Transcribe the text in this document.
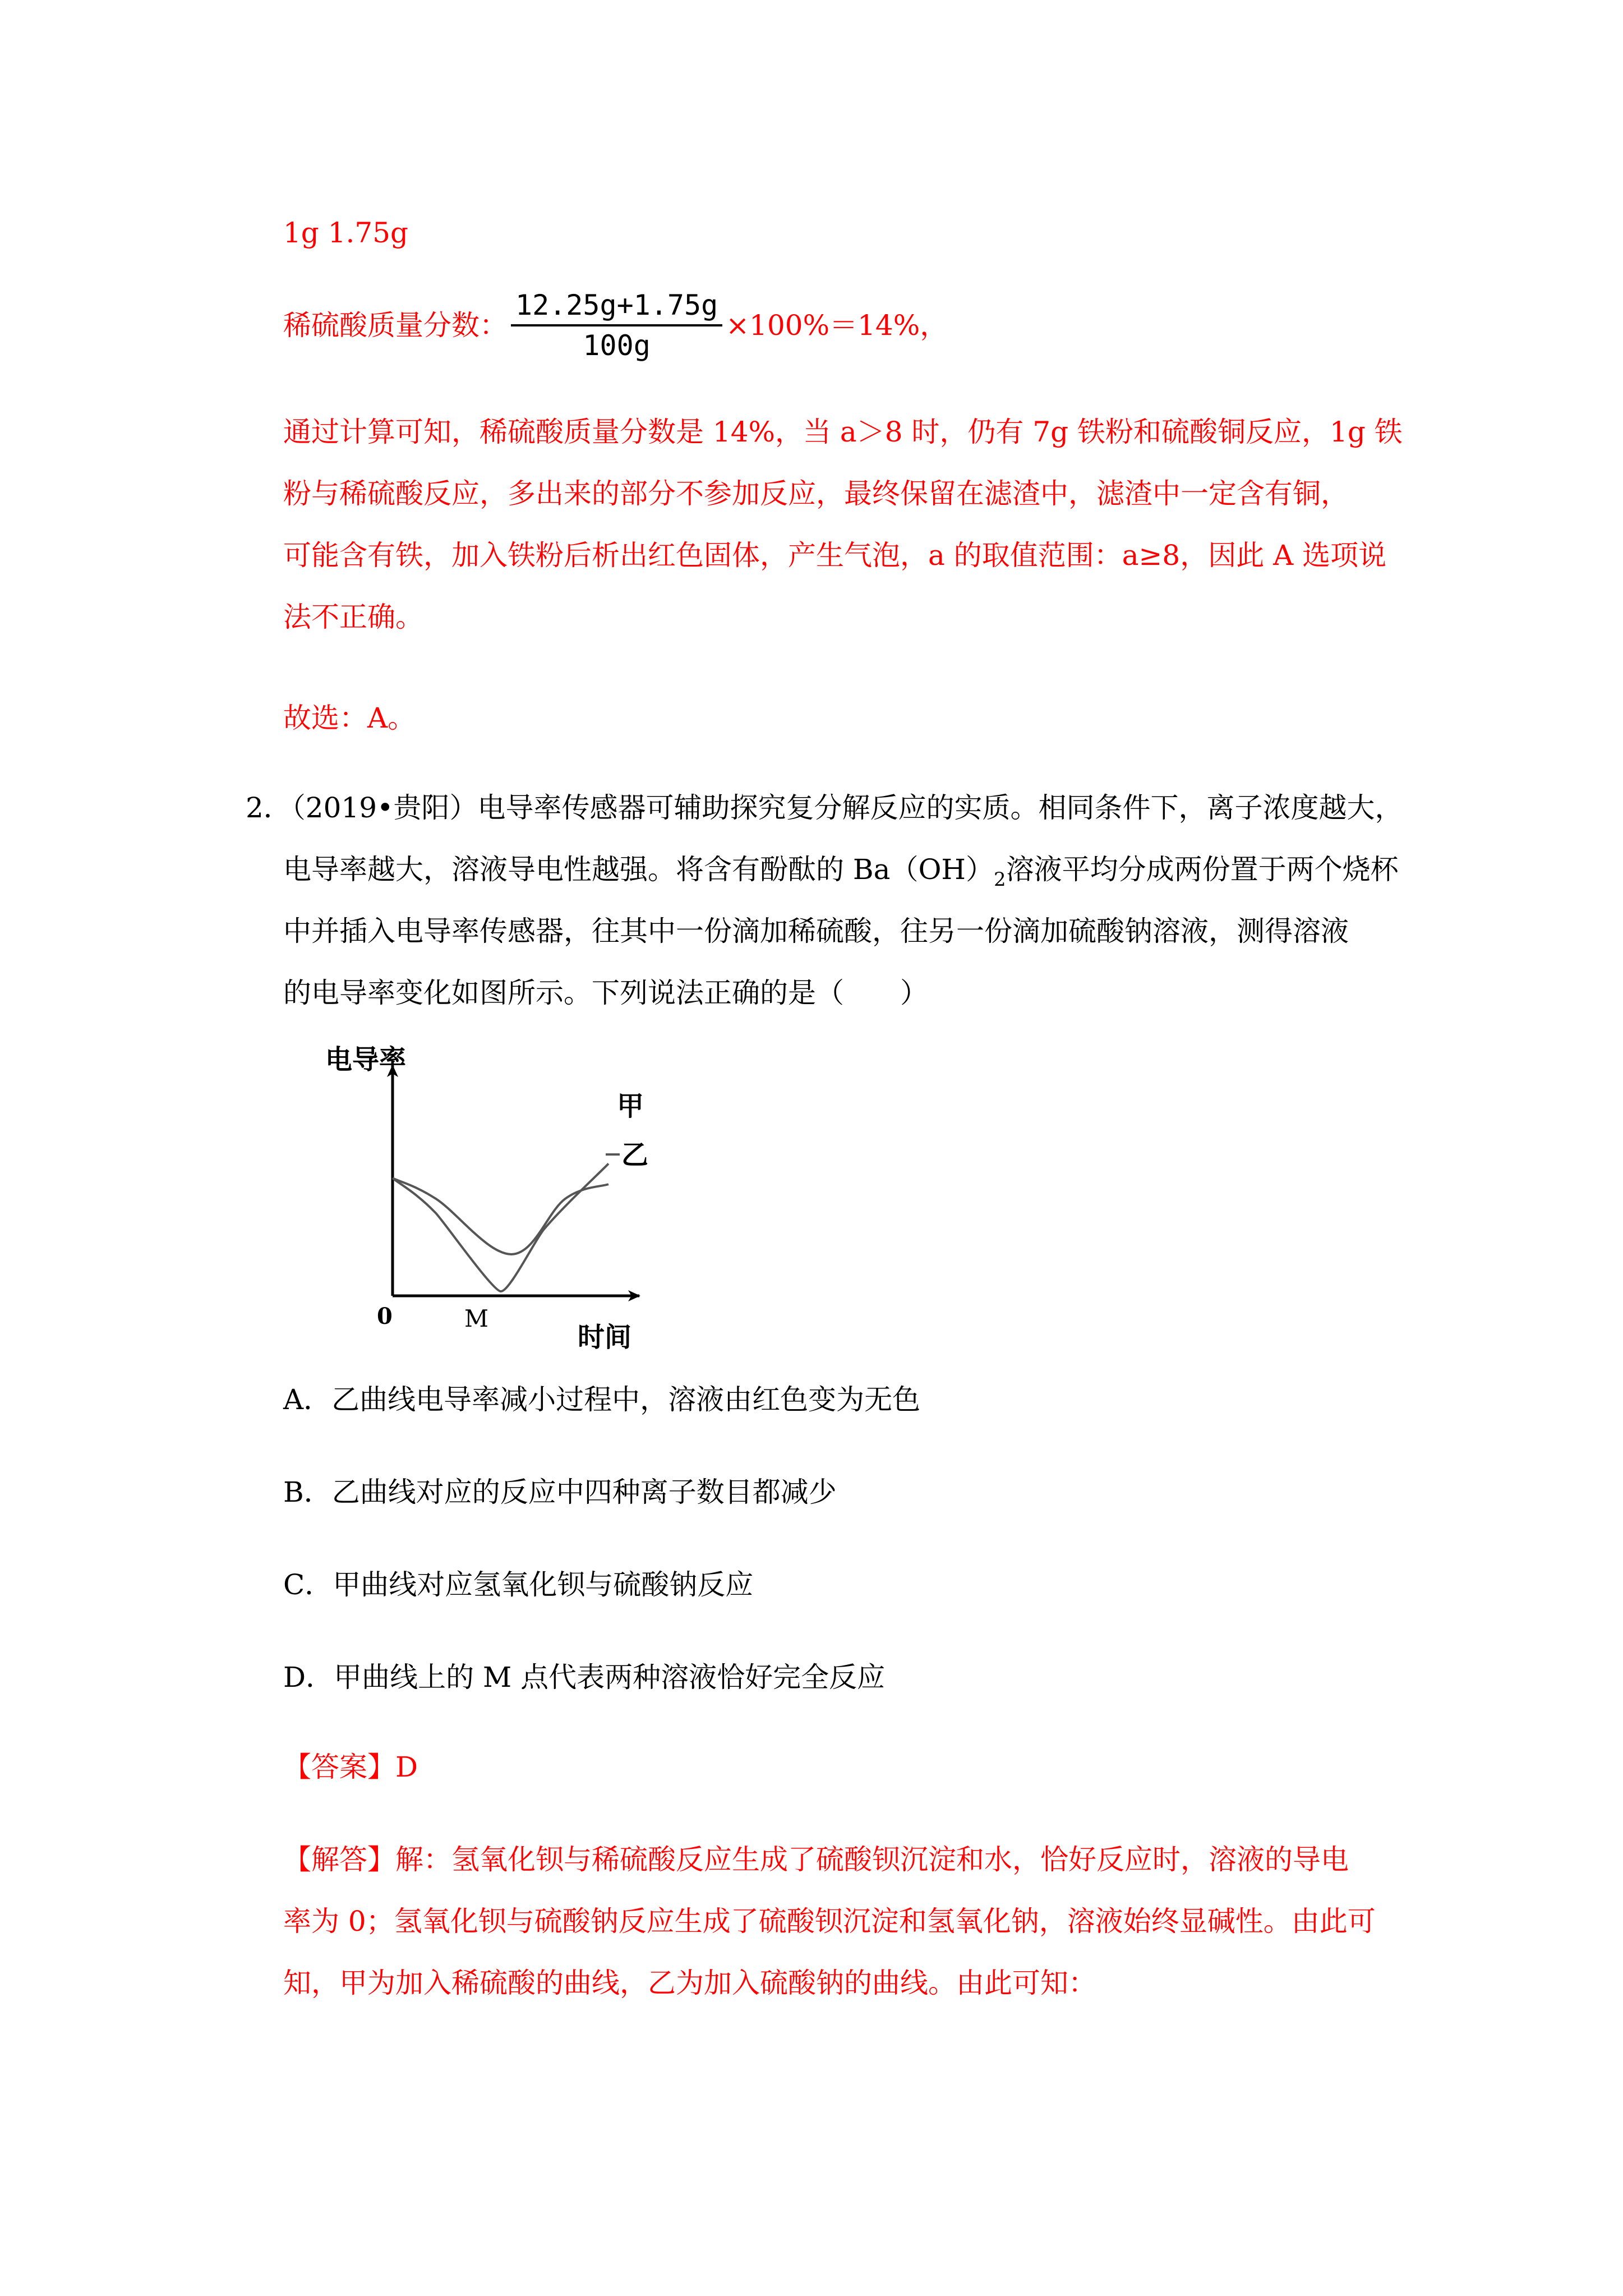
1g 1.75g
稀硫酸质量分数： $\frac{12.25g+1.75g}{100g} \times 100\%=14\%$，
通过计算可知，稀硫酸质量分数是 14%，当 a＞8 时，仍有 7g 铁粉和硫酸铜反应，1g 铁
粉与稀硫酸反应，多出来的部分不参加反应，最终保留在滤渣中，滤渣中一定含有铜，
可能含有铁，加入铁粉后析出红色固体，产生气泡，a 的取值范围：a≥8，因此 A 选项说
法不正确。
故选：A。
2．（2019•贵阳）电导率传感器可辅助探究复分解反应的实质。相同条件下，离子浓度越大，
电导率越大，溶液导电性越强。将含有酚酞的 $Ba(OH)_2$溶液平均分成两份置于两个烧杯
中并插入电导率传感器，往其中一份滴加稀硫酸，往另一份滴加硫酸钠溶液，测得溶液
的电导率变化如图所示。下列说法正确的是（　　）
电导率
时间
0	M
甲
乙
A．乙曲线电导率减小过程中，溶液由红色变为无色
B．乙曲线对应的反应中四种离子数目都减少
C．甲曲线对应氢氧化钡与硫酸钠反应
D．甲曲线上的 M 点代表两种溶液恰好完全反应
【答案】D
【解答】解：氢氧化钡与稀硫酸反应生成了硫酸钡沉淀和水，恰好反应时，溶液的导电
率为 0；氢氧化钡与硫酸钠反应生成了硫酸钡沉淀和氢氧化钠，溶液始终显碱性。由此可
知，甲为加入稀硫酸的曲线，乙为加入硫酸钠的曲线。由此可知：
